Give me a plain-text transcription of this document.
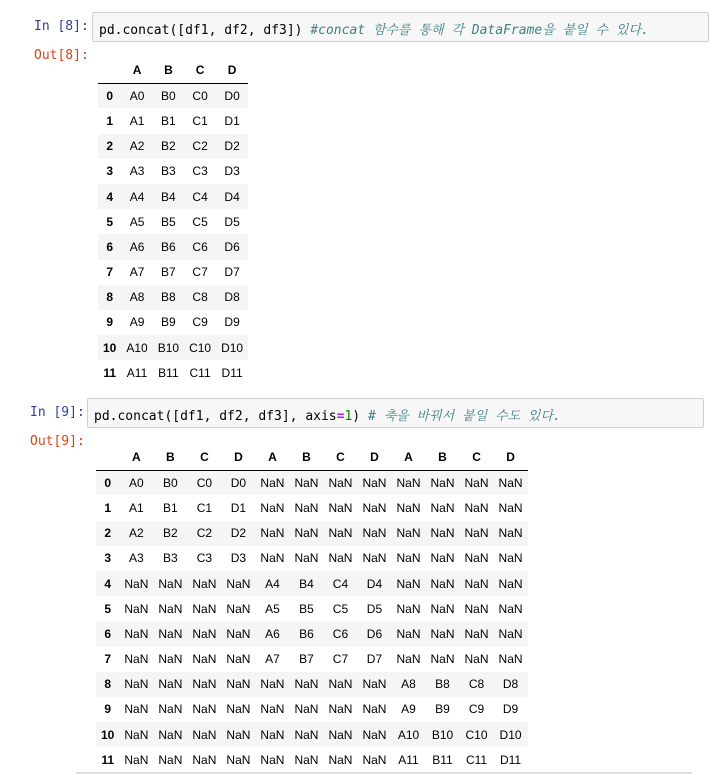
In [8]: pd.concat([df1, df2, df3]) #concat 함수를 통해 각 DataFrame을 붙일 수 있다.
Out[8]:
	A	B	C	D
0	A0	B0	C0	D0
1	A1	B1	C1	D1
2	A2	B2	C2	D2
3	A3	B3	C3	D3
4	A4	B4	C4	D4
5	A5	B5	C5	D5
6	A6	B6	C6	D6
7	A7	B7	C7	D7
8	A8	B8	C8	D8
9	A9	B9	C9	D9
10	A10	B10	C10	D10
11	A11	B11	C11	D11
In [9]: pd.concat([df1, df2, df3], axis=1) # 축을 바꿔서 붙일 수도 있다.
Out[9]:
	A	B	C	D	A	B	C	D	A	B	C	D
0	A0	B0	C0	D0	NaN	NaN	NaN	NaN	NaN	NaN	NaN	NaN
1	A1	B1	C1	D1	NaN	NaN	NaN	NaN	NaN	NaN	NaN	NaN
2	A2	B2	C2	D2	NaN	NaN	NaN	NaN	NaN	NaN	NaN	NaN
3	A3	B3	C3	D3	NaN	NaN	NaN	NaN	NaN	NaN	NaN	NaN
4	NaN	NaN	NaN	NaN	A4	B4	C4	D4	NaN	NaN	NaN	NaN
5	NaN	NaN	NaN	NaN	A5	B5	C5	D5	NaN	NaN	NaN	NaN
6	NaN	NaN	NaN	NaN	A6	B6	C6	D6	NaN	NaN	NaN	NaN
7	NaN	NaN	NaN	NaN	A7	B7	C7	D7	NaN	NaN	NaN	NaN
8	NaN	NaN	NaN	NaN	NaN	NaN	NaN	NaN	A8	B8	C8	D8
9	NaN	NaN	NaN	NaN	NaN	NaN	NaN	NaN	A9	B9	C9	D9
10	NaN	NaN	NaN	NaN	NaN	NaN	NaN	NaN	A10	B10	C10	D10
11	NaN	NaN	NaN	NaN	NaN	NaN	NaN	NaN	A11	B11	C11	D11
